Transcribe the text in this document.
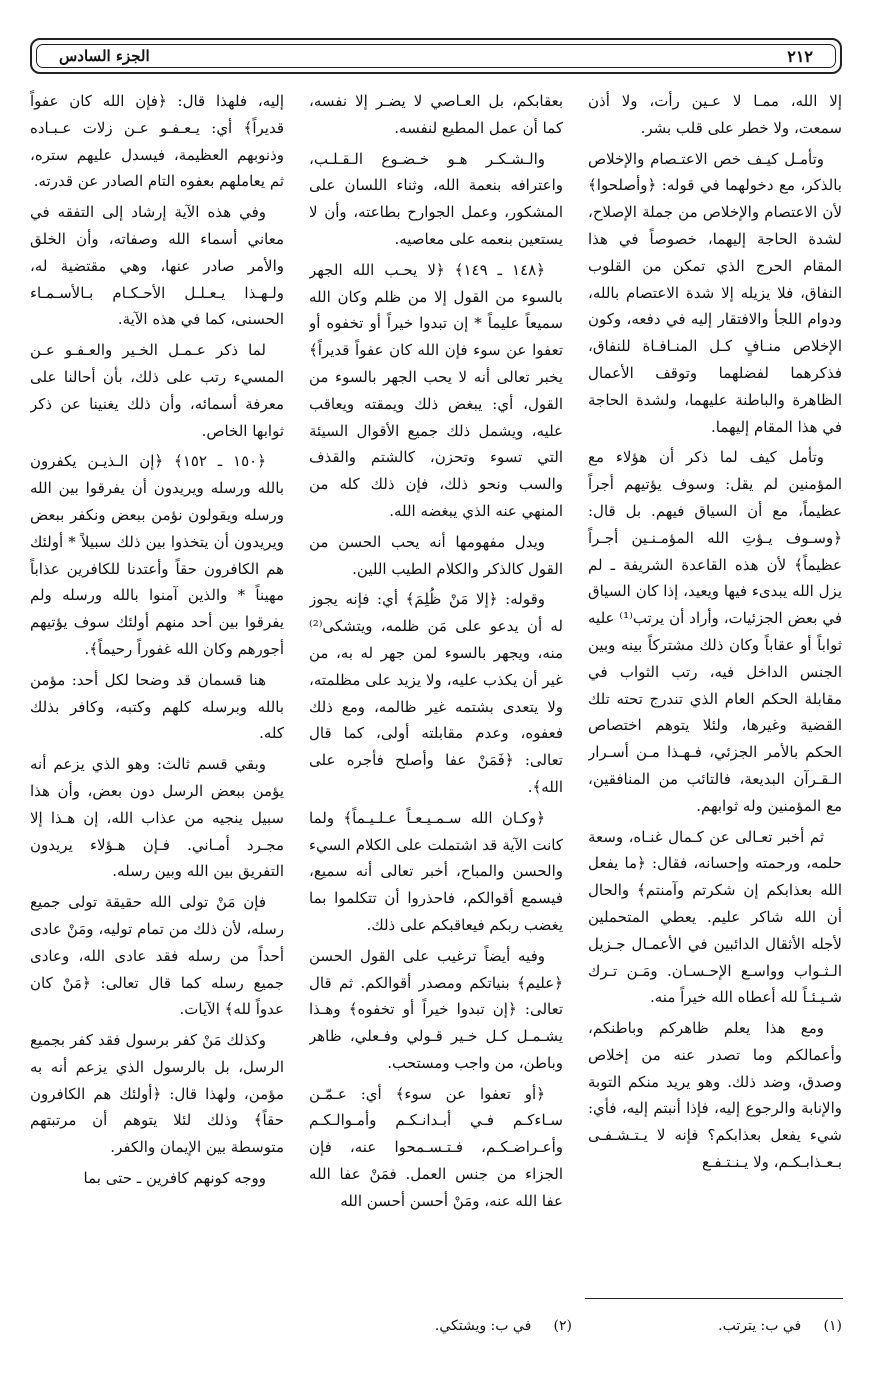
٢١٢
الجزء السادس

إلا الله، ممـا لا عـين رأت، ولا أذن سمعت، ولا خطر على قلب بشر.

وتأمـل كيـف خص الاعتـصام والإخلاص بالذكر، مع دخولهما في قوله: ﴿وأصلحوا﴾ لأن الاعتصام والإخلاص من جملة الإصلاح، لشدة الحاجة إليهما، خصوصاً في هذا المقام الحرج الذي تمكن من القلوب النفاق، فلا يزيله إلا شدة الاعتصام بالله، ودوام اللجأ والافتقار إليه في دفعه، وكون الإخلاص منـافٍ كـل المنـافـاة للنفاق، فذكرهما لفضلهما وتوقف الأعمال الظاهرة والباطنة عليهما، ولشدة الحاجة في هذا المقام إليهما.

وتأمل كيف لما ذكر أن هؤلاء مع المؤمنين لم يقل: وسوف يؤتيهم أجراً عظيماً، مع أن السياق فيهم. بل قال: ﴿وسـوف يـؤتِ الله المؤمـنـين أجـراً عظيماً﴾ لأن هذه القاعدة الشريفة ـ لم يزل الله يبدىء فيها ويعيد، إذا كان السياق في بعض الجزئيات، وأراد أن يرتب⁽¹⁾ عليه ثواباً أو عقاباً وكان ذلك مشتركاً بينه وبين الجنس الداخل فيه، رتب الثواب في مقابلة الحكم العام الذي تندرج تحته تلك القضية وغيرها، ولئلا يتوهم اختصاص الحكم بالأمر الجزئي، فـهـذا مـن أسـرار الـقـرآن البديعة، فالتائب من المنافقين، مع المؤمنين وله ثوابهم.

ثم أخبر تعـالى عن كـمال غنـاه، وسعة حلمه، ورحمته وإحسانه، فقال: ﴿ما يفعل الله بعذابكم إن شكرتم وآمنتم﴾ والحال أن الله شاكر عليم. يعطي المتحملين لأجله الأثقال الدائبين في الأعمـال جـزيل الـثـواب وواسـع الإحـسـان. ومَـن تـرك شـيـئـاً لله أعطاه الله خيراً منه.

ومع هذا يعلم ظاهركم وباطنكم، وأعمالكم وما تصدر عنه من إخلاص وصدق، وضد ذلك. وهو يريد منكم التوبة والإنابة والرجوع إليه، فإذا أنبتم إليه، فأي: شيء يفعل بعذابكم؟ فإنه لا يـتـشـفـى بـعـذابـكـم، ولا يـنـتـفـع

بعقابكم، بل العـاصي لا يضـر إلا نفسه، كما أن عمل المطيع لنفسه.

والـشـكـر هـو خـضـوع الـقـلـب، واعترافه بنعمة الله، وثناء اللسان على المشكور، وعمل الجوارح بطاعته، وأن لا يستعين بنعمه على معاصيه.

﴿١٤٨ ـ ١٤٩﴾ ﴿لا يحـب الله الجهر بالسوء من القول إلا من ظلم وكان الله سميعاً عليماً * إن تبدوا خيراً أو تخفوه أو تعفوا عن سوء فإن الله كان عفواً قديراً﴾ يخبر تعالى أنه لا يحب الجهر بالسوء من القول، أي: يبغض ذلك ويمقته ويعاقب عليه، ويشمل ذلك جميع الأقوال السيئة التي تسوء وتحزن، كالشتم والقذف والسب ونحو ذلك، فإن ذلك كله من المنهي عنه الذي يبغضه الله.

ويدل مفهومها أنه يحب الحسن من القول كالذكر والكلام الطيب اللين.

وقوله: ﴿إلا مَنْ ظُلِمَ﴾ أي: فإنه يجوز له أن يدعو على مَن ظلمه، ويتشكى⁽²⁾ منه، ويجهر بالسوء لمن جهر له به، من غير أن يكذب عليه، ولا يزيد على مظلمته، ولا يتعدى بشتمه غير ظالمه، ومع ذلك فعفوه، وعدم مقابلته أولى، كما قال تعالى: ﴿فَمَنْ عفا وأصلح فأجره على الله﴾.

﴿وكـان الله سـمـيـعـاً عـلـيـماً﴾ ولما كانت الآية قد اشتملت على الكلام السيء والحسن والمباح، أخبر تعالى أنه سميع، فيسمع أقوالكم، فاحذروا أن تتكلموا بما يغضب ربكم فيعاقبكم على ذلك.

وفيه أيضاً ترغيب على القول الحسن ﴿عليم﴾ بنياتكم ومصدر أقوالكم. ثم قال تعالى: ﴿إن تبدوا خيراً أو تخفوه﴾ وهـذا يشـمـل كـل خـير قـولي وفـعلي، ظاهر وباطن، من واجب ومستحب.

﴿أو تعفوا عن سوء﴾ أي: عـمّـن سـاءكـم فـي أبـدانـكـم وأمـوالـكـم وأعـراضـكـم، فـتـسـمحوا عنه، فإن الجزاء من جنس العمل. فمَنْ عفا الله عفا الله عنه، ومَنْ أحسن أحسن الله

إليه، فلهذا قال: ﴿فإن الله كان عفواً قديراً﴾ أي: يـعـفـو عـن زلات عـبـاده وذنوبهم العظيمة، فيسدل عليهم ستره، ثم يعاملهم بعفوه التام الصادر عن قدرته.

وفي هذه الآية إرشاد إلى التفقه في معاني أسماء الله وصفاته، وأن الخلق والأمر صادر عنها، وهي مقتضية له، ولـهـذا يـعـلـل الأحـكـام بـالأسـمـاء الحسنى، كما في هذه الآية.

لما ذكر عـمـل الخـير والعـفـو عـن المسيء رتب على ذلك، بأن أحالنا على معرفة أسمائه، وأن ذلك يغنينا عن ذكر ثوابها الخاص.

﴿١٥٠ ـ ١٥٢﴾ ﴿إن الـذيـن يكفرون بالله ورسله ويريدون أن يفرقوا بين الله ورسله ويقولون نؤمن ببعض ونكفر ببعض ويريدون أن يتخذوا بين ذلك سبيلاً * أولئك هم الكافرون حقاً وأعتدنا للكافرين عذاباً مهيناً * والذين آمنوا بالله ورسله ولم يفرقوا بين أحد منهم أولئك سوف يؤتيهم أجورهم وكان الله غفوراً رحيماً﴾.

هنا قسمان قد وضحا لكل أحد: مؤمن بالله وبرسله كلهم وكتبه، وكافر بذلك كله.

وبقي قسم ثالث: وهو الذي يزعم أنه يؤمن ببعض الرسل دون بعض، وأن هذا سبيل ينجيه من عذاب الله، إن هـذا إلا مجـرد أمـاني. فـإن هـؤلاء يريدون التفريق بين الله وبين رسله.

فإن مَنْ تولى الله حقيقة تولى جميع رسله، لأن ذلك من تمام توليه، ومَنْ عادى أحداً من رسله فقد عادى الله، وعادى جميع رسله كما قال تعالى: ﴿مَنْ كان عدواً لله﴾ الآيات.

وكذلك مَنْ كفر برسول فقد كفر بجميع الرسل، بل بالرسول الذي يزعم أنه به مؤمن، ولهذا قال: ﴿أولئك هم الكافرون حقاً﴾ وذلك لئلا يتوهم أن مرتبتهم متوسطة بين الإيمان والكفر.

ووجه كونهم كافرين ـ حتى بما

(١)     في ب: يترتب.
(٢)     في ب: ويشتكي.
